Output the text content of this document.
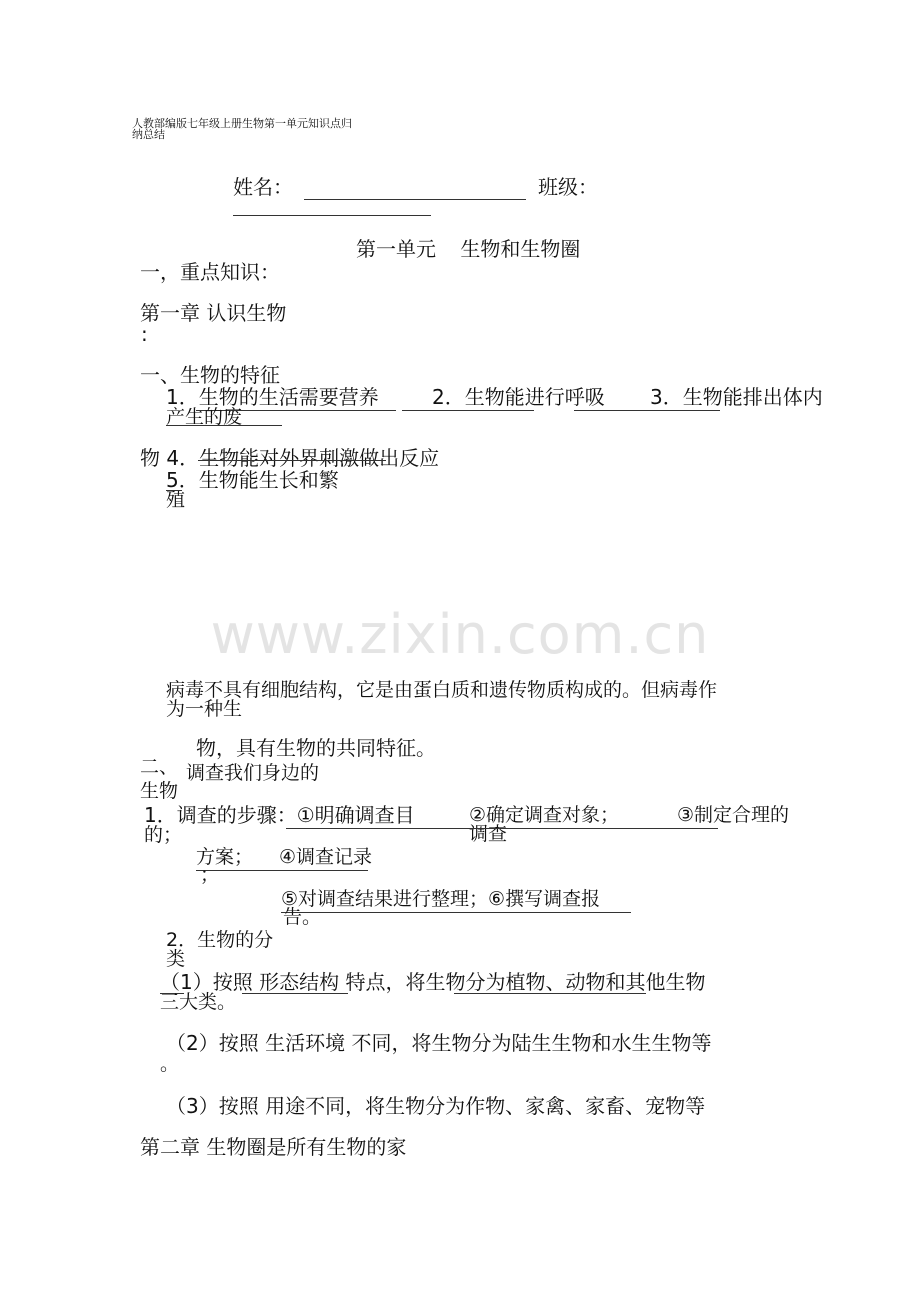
人教部编版七年级上册生物第一单元知识点归
纳总结
姓名：	班级：
第一单元 生物和生物圈
一，重点知识：
第一章 认识生物
:
一、生物的特征
1．生物的生活需要营养	2．生物能进行呼吸 3．生物能排出体内
产生的废
物 4．生物能对外界刺激做出反应
5．生物能生长和繁
殖
www.zixin.com.cn
病毒不具有细胞结构，它是由蛋白质和遗传物质构成的。但病毒作
为一种生
物，具有生物的共同特征。
二、 调查我们身边的
生物
1．调查的步骤：①明确调查目
的；
②确定调查对象；
调查
③制定合理的
方案； ④调查记录
；
⑤对调查结果进行整理；⑥撰写调查报
告。
2．生物的分
类
（1）按照 形态结构 特点，将生物分为植物、动物和其他生物
三大类。
（2）按照 生活环境 不同，将生物分为陆生生物和水生生物等
。
（3）按照 用途不同，将生物分为作物、家禽、家畜、宠物等
第二章 生物圈是所有生物的家
